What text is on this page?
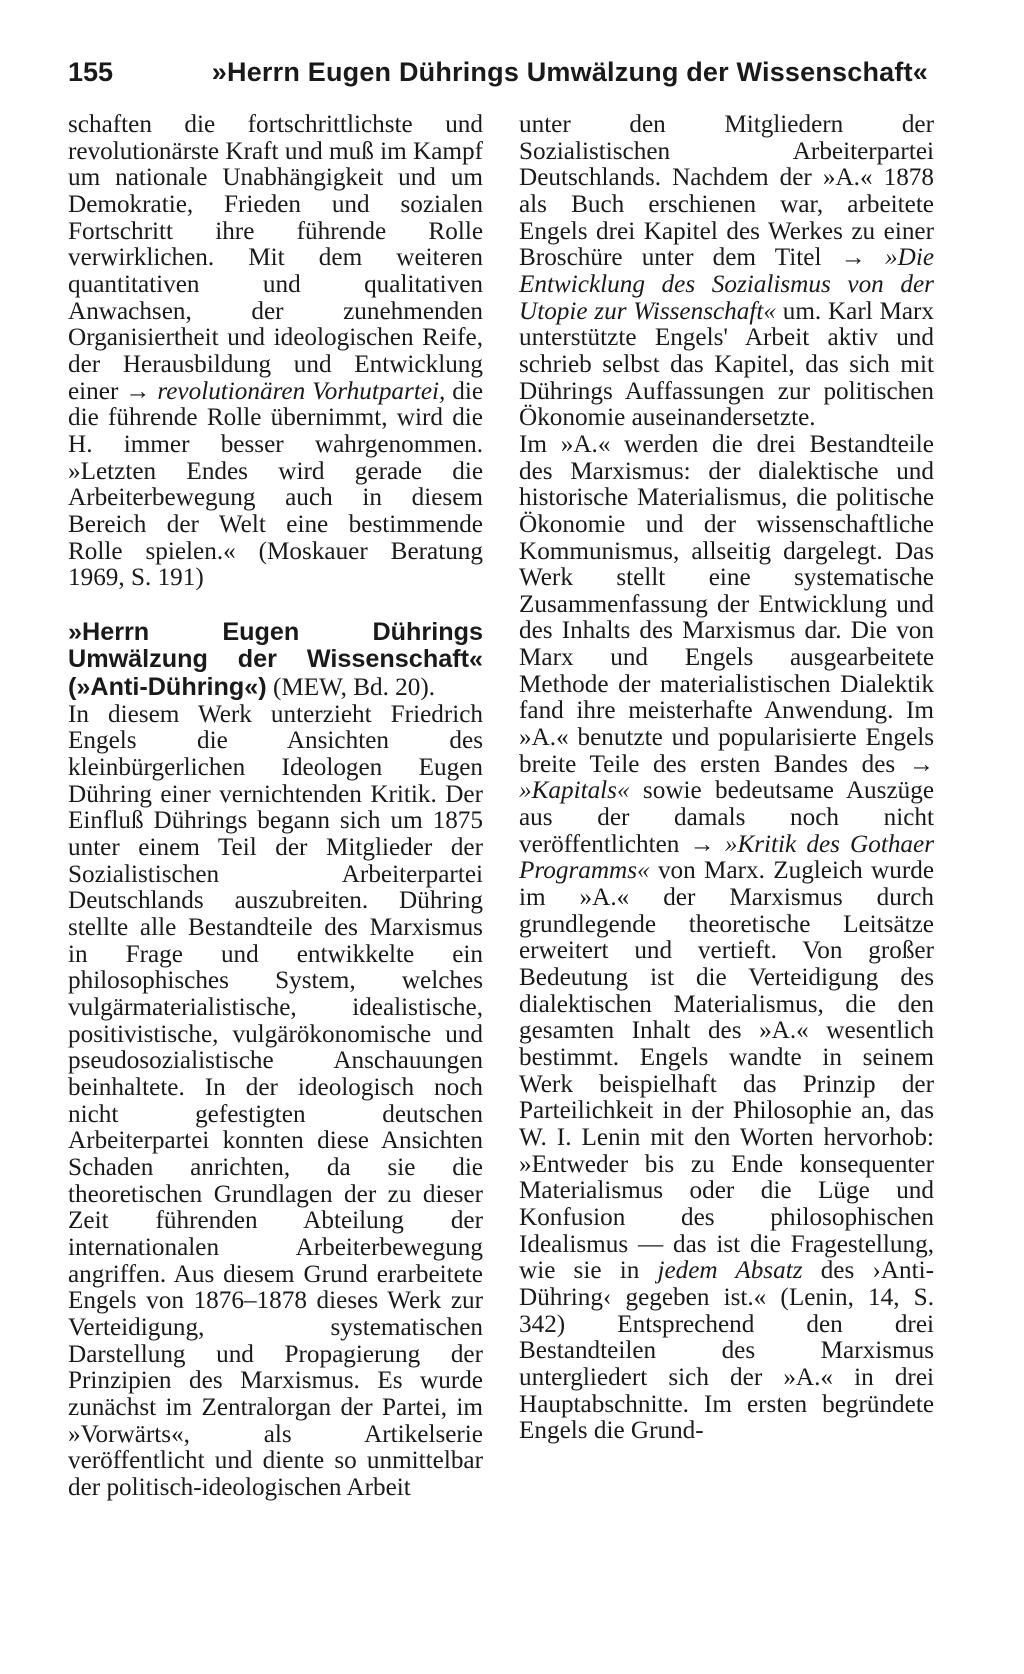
155	»Herrn Eugen Dührings Umwälzung der Wissenschaft«

schaften die fortschrittlichste und revolutionärste Kraft und muß im Kampf um nationale Unabhängigkeit und um Demokratie, Frieden und sozialen Fortschritt ihre führende Rolle verwirklichen. Mit dem weiteren quantitativen und qualitativen Anwachsen, der zunehmenden Organisiertheit und ideologischen Reife, der Herausbildung und Entwicklung einer → revolutionären Vorhutpartei, die die führende Rolle übernimmt, wird die H. immer besser wahrgenommen. »Letzten Endes wird gerade die Arbeiterbewegung auch in diesem Bereich der Welt eine bestimmende Rolle spielen.« (Moskauer Beratung 1969, S. 191)

»Herrn Eugen Dührings Umwälzung der Wissenschaft« (»Anti-Dühring«) (MEW, Bd. 20).

In diesem Werk unterzieht Friedrich Engels die Ansichten des kleinbürgerlichen Ideologen Eugen Dühring einer vernichtenden Kritik. Der Einfluß Dührings begann sich um 1875 unter einem Teil der Mitglieder der Sozialistischen Arbeiterpartei Deutschlands auszubreiten. Dühring stellte alle Bestandteile des Marxismus in Frage und entwikkelte ein philosophisches System, welches vulgärmaterialistische, idealistische, positivistische, vulgärökonomische und pseudosozialistische Anschauungen beinhaltete. In der ideologisch noch nicht gefestigten deutschen Arbeiterpartei konnten diese Ansichten Schaden anrichten, da sie die theoretischen Grundlagen der zu dieser Zeit führenden Abteilung der internationalen Arbeiterbewegung angriffen. Aus diesem Grund erarbeitete Engels von 1876–1878 dieses Werk zur Verteidigung, systematischen Darstellung und Propagierung der Prinzipien des Marxismus. Es wurde zunächst im Zentralorgan der Partei, im »Vorwärts«, als Artikelserie veröffentlicht und diente so unmittelbar der politisch-ideologischen Arbeit

unter den Mitgliedern der Sozialistischen Arbeiterpartei Deutschlands. Nachdem der »A.« 1878 als Buch erschienen war, arbeitete Engels drei Kapitel des Werkes zu einer Broschüre unter dem Titel → »Die Entwicklung des Sozialismus von der Utopie zur Wissenschaft« um. Karl Marx unterstützte Engels' Arbeit aktiv und schrieb selbst das Kapitel, das sich mit Dührings Auffassungen zur politischen Ökonomie auseinandersetzte.

Im »A.« werden die drei Bestandteile des Marxismus: der dialektische und historische Materialismus, die politische Ökonomie und der wissenschaftliche Kommunismus, allseitig dargelegt. Das Werk stellt eine systematische Zusammenfassung der Entwicklung und des Inhalts des Marxismus dar. Die von Marx und Engels ausgearbeitete Methode der materialistischen Dialektik fand ihre meisterhafte Anwendung. Im »A.« benutzte und popularisierte Engels breite Teile des ersten Bandes des → »Kapitals« sowie bedeutsame Auszüge aus der damals noch nicht veröffentlichten → »Kritik des Gothaer Programms« von Marx. Zugleich wurde im »A.« der Marxismus durch grundlegende theoretische Leitsätze erweitert und vertieft. Von großer Bedeutung ist die Verteidigung des dialektischen Materialismus, die den gesamten Inhalt des »A.« wesentlich bestimmt. Engels wandte in seinem Werk beispielhaft das Prinzip der Parteilichkeit in der Philosophie an, das W. I. Lenin mit den Worten hervorhob: »Entweder bis zu Ende konsequenter Materialismus oder die Lüge und Konfusion des philosophischen Idealismus — das ist die Fragestellung, wie sie in jedem Absatz des ›Anti-Dühring‹ gegeben ist.« (Lenin, 14, S. 342) Entsprechend den drei Bestandteilen des Marxismus untergliedert sich der »A.« in drei Hauptabschnitte. Im ersten begründete Engels die Grund-
